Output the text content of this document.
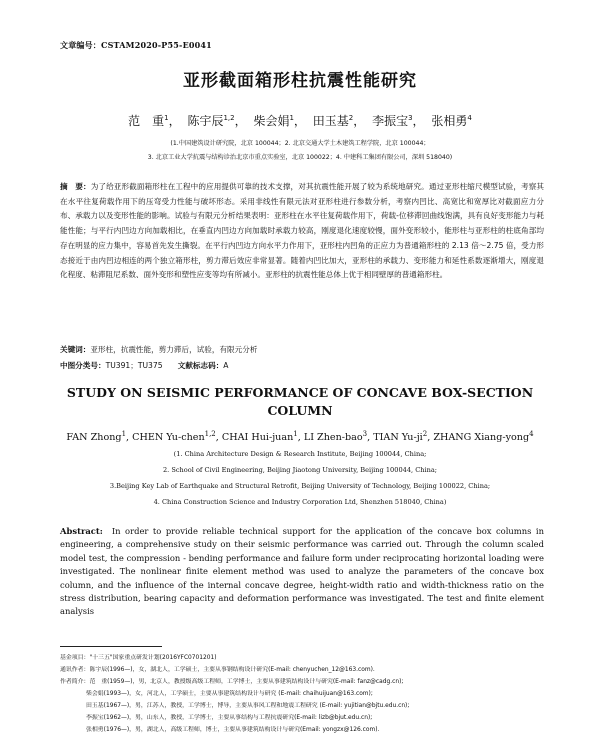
文章编号：CSTAM2020-P55-E0041
亚形截面箱形柱抗震性能研究
范　重$^1$， 陈宇辰$^{1,2}$， 柴会娟$^1$， 田玉基$^2$， 李振宝$^3$， 张相勇$^4$
(1.中国建筑设计研究院，北京 100044；2. 北京交通大学土木建筑工程学院，北京 100044；
3. 北京工业大学抗震与结构诊治北京市重点实验室，北京 100022；4. 中建科工集团有限公司，深圳 518040)
摘　要：为了给亚形截面箱形柱在工程中的应用提供可靠的技术支撑，对其抗震性能开展了较为系统地研究。通过亚形柱缩尺模型试验，考察其在水平往复荷载作用下的压弯受力性能与破坏形态。采用非线性有限元法对亚形柱进行参数分析，考察内凹比、高宽比和宽厚比对截面应力分布、承载力以及变形性能的影响。试验与有限元分析结果表明：亚形柱在水平往复荷载作用下，荷载-位移滞回曲线饱满，具有良好变形能力与耗能性能；与平行内凹边方向加载相比，在垂直内凹边方向加载时承载力较高，刚度退化速度较慢，面外变形较小，能形柱与亚形柱的柱底角部均存在明显的应力集中，容易首先发生撕裂。在平行内凹边方向水平力作用下，亚形柱内凹角的正应力为普通箱形柱的 2.13 倍～2.75 倍，受力形态接近于由内凹边相连的两个独立箱形柱，剪力滞后效应非常显著。随着内凹比加大，亚形柱的承载力、变形能力和延性系数逐渐增大，刚度退化程度、粘滞阻尼系数、面外变形和塑性应变等均有所减小。亚形柱的抗震性能总体上优于相同壁厚的普通箱形柱。
关键词：亚形柱，抗震性能，剪力滞后，试验，有限元分析
中图分类号：TU391；TU375　　 文献标志码：A
STUDY ON SEISMIC PERFORMANCE OF CONCAVE BOX-SECTION COLUMN
FAN Zhong$^1$, CHEN Yu-chen$^{1,2}$, CHAI Hui-juan$^1$, LI Zhen-bao$^3$, TIAN $Yu-ji^2$, ZHANG Xiang-yong$^4$
(1. China Architecture Design & Research Institute, Beijing 100044, China;
2. School of Civil Engineering, Beijing Jiaotong University, Beijing 100044, China;
3.Beijing Key Lab of Earthquake and Structural Retrofit, Beijing University of Technology, Beijing 100022, China;
4. China Construction Science and Industry Corporation Ltd, Shenzhen 518040, China)
Abstract: In order to provide reliable technical support for the application of the concave box columns in engineering, a comprehensive study on their seismic performance was carried out. Through the column scaled model test, the compression - bending performance and failure form under reciprocating horizontal loading were investigated. The nonlinear finite element method was used to analyze the parameters of the concave box column, and the influence of the internal concave degree, height-width ratio and width-thickness ratio on the stress distribution, bearing capacity and deformation performance was investigated. The test and finite element analysis
基金项目："十三五"国家重点研发计划(2016YFC0701201)
通讯作者：陈宇辰(1996—)，女，湖北人，工学硕士，主要从事钢结构设计研究(E-mail: chenyuchen_12@163.com).
作者简介：范　重(1959—)，男，北京人，教授级高级工程师，工学博士，主要从事建筑结构设计与研究(E-mail: fanz@cadg.cn);
柴会娟(1993—)，女，河北人，工学硕士，主要从事建筑结构设计与研究 (E-mail: chaihuijuan@163.com);
田玉基(1967—)，男，江苏人，教授，工学博士，博导，主要从事风工程和地震工程研究 (E-mail: yujitian@bjtu.edu.cn);
李振宝(1962—)，男，山东人，教授，工学博士，主要从事结构与工程抗震研究(E-mail: lizb@bjut.edu.cn);
张相勇(1976—)，男，湖北人，高级工程师，博士，主要从事建筑结构设计与研究(Email: yongzx@126.com).
